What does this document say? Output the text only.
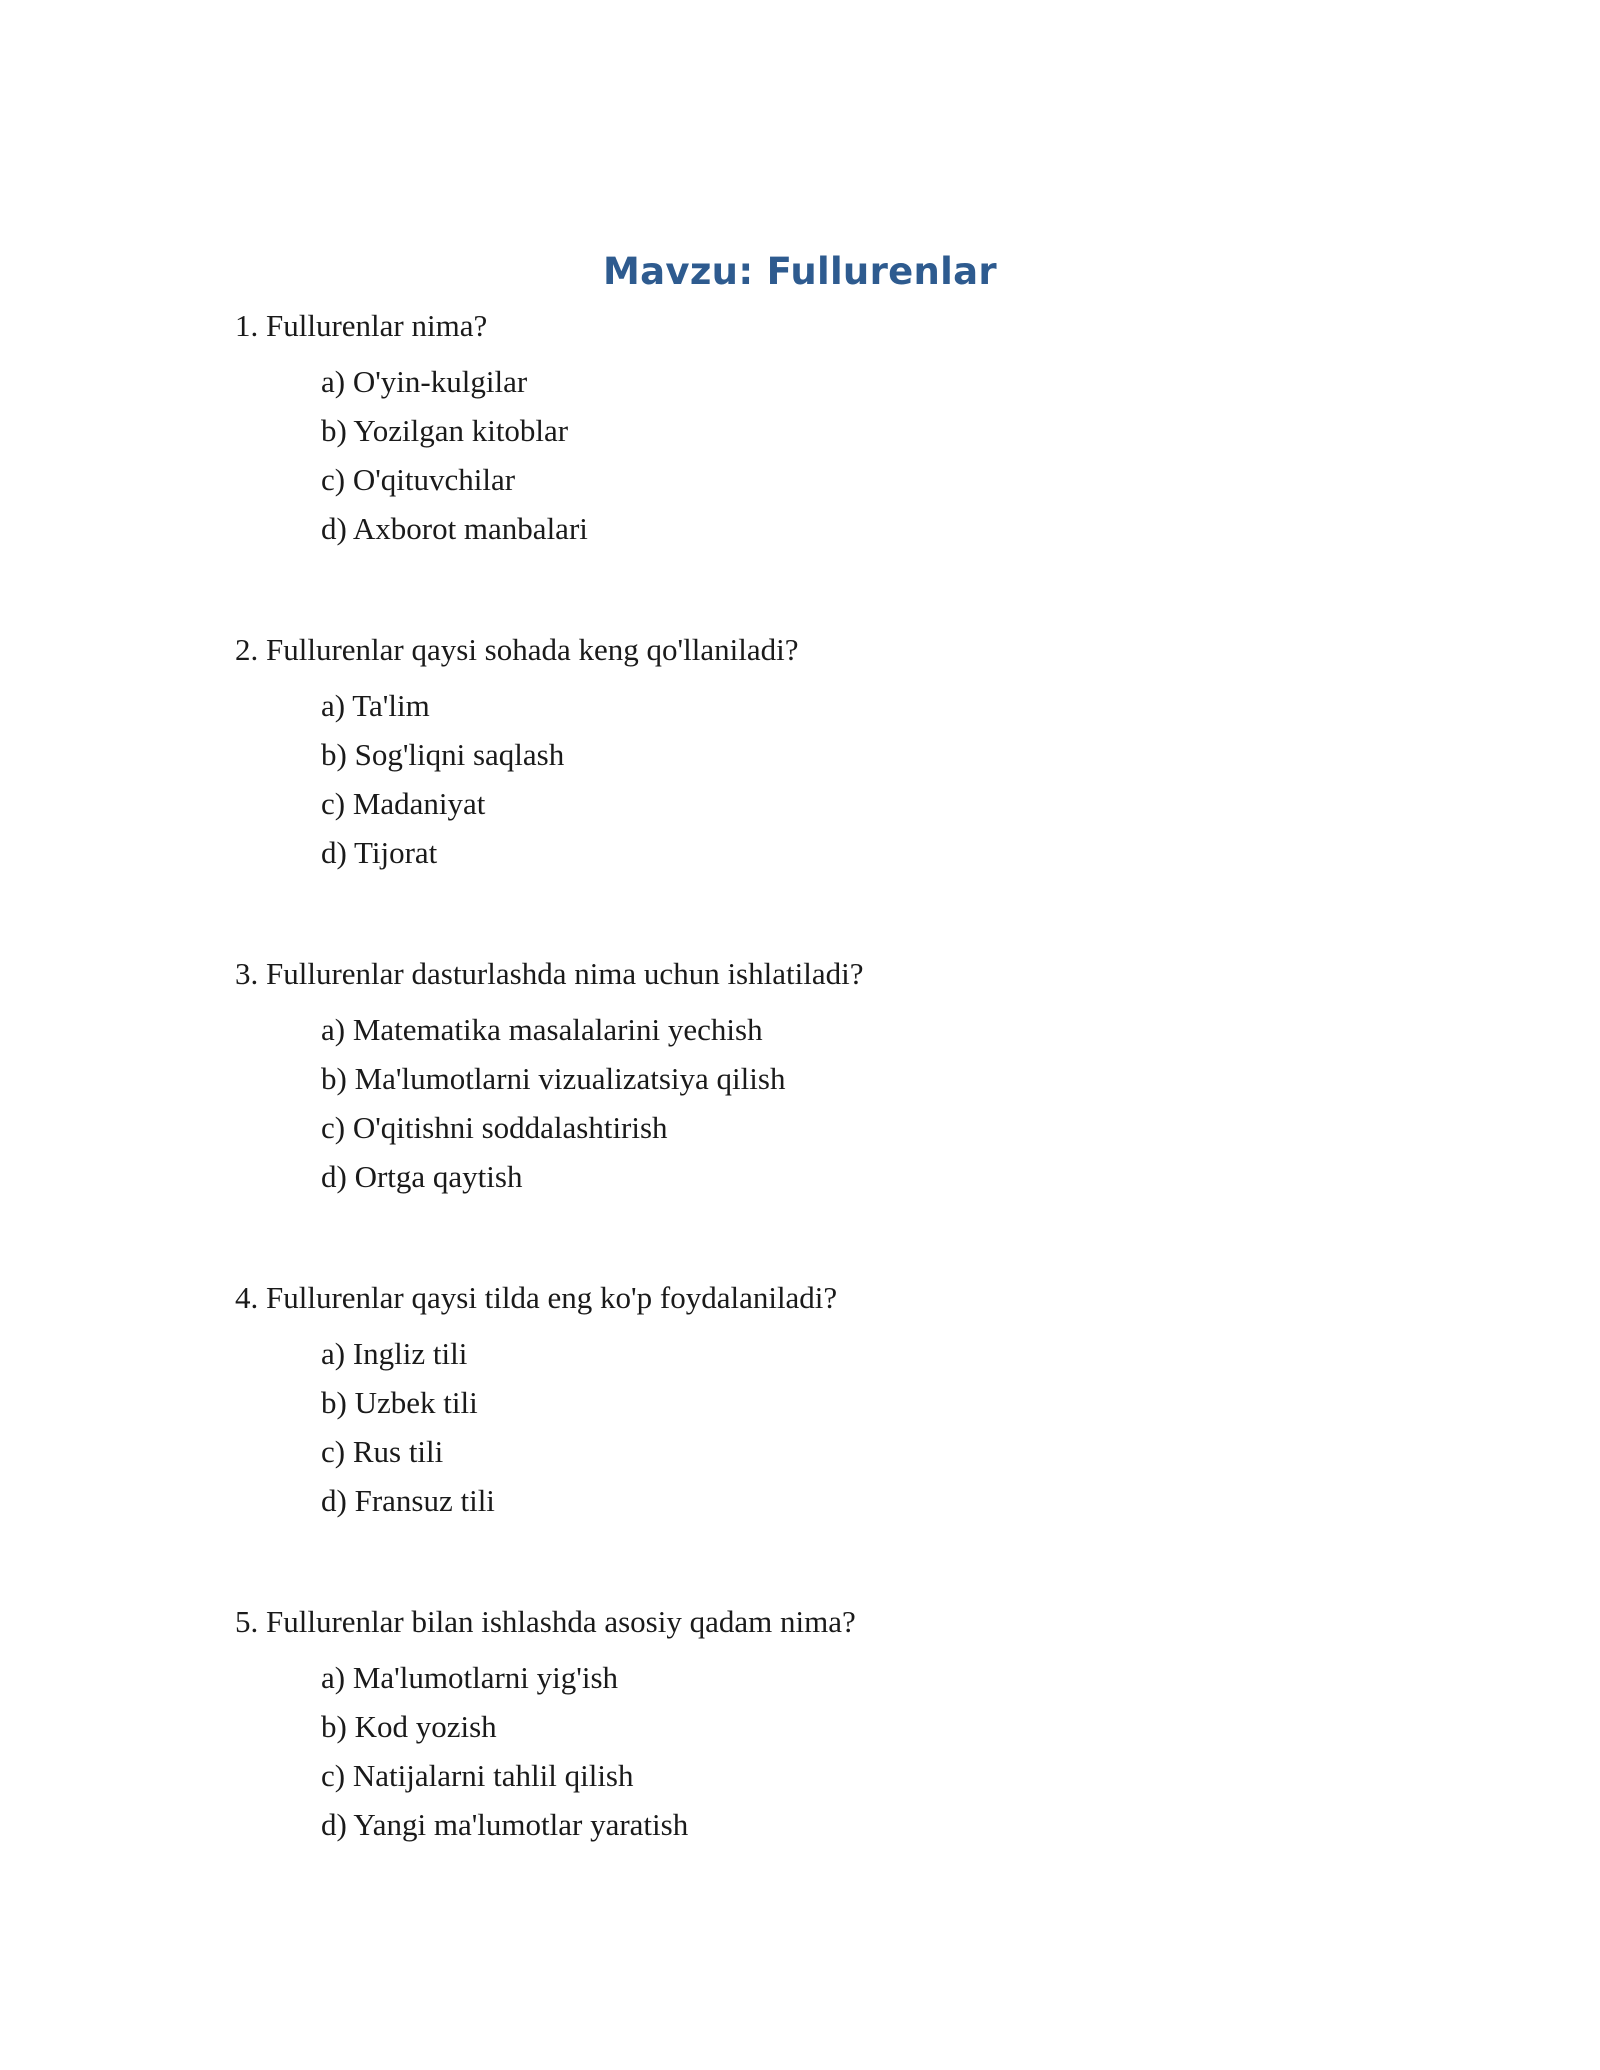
Mavzu: Fullurenlar
1. Fullurenlar nima?
a) O'yin-kulgilar
b) Yozilgan kitoblar
c) O'qituvchilar
d) Axborot manbalari
2. Fullurenlar qaysi sohada keng qo'llaniladi?
a) Ta'lim
b) Sog'liqni saqlash
c) Madaniyat
d) Tijorat
3. Fullurenlar dasturlashda nima uchun ishlatiladi?
a) Matematika masalalarini yechish
b) Ma'lumotlarni vizualizatsiya qilish
c) O'qitishni soddalashtirish
d) Ortga qaytish
4. Fullurenlar qaysi tilda eng ko'p foydalaniladi?
a) Ingliz tili
b) Uzbek tili
c) Rus tili
d) Fransuz tili
5. Fullurenlar bilan ishlashda asosiy qadam nima?
a) Ma'lumotlarni yig'ish
b) Kod yozish
c) Natijalarni tahlil qilish
d) Yangi ma'lumotlar yaratish
